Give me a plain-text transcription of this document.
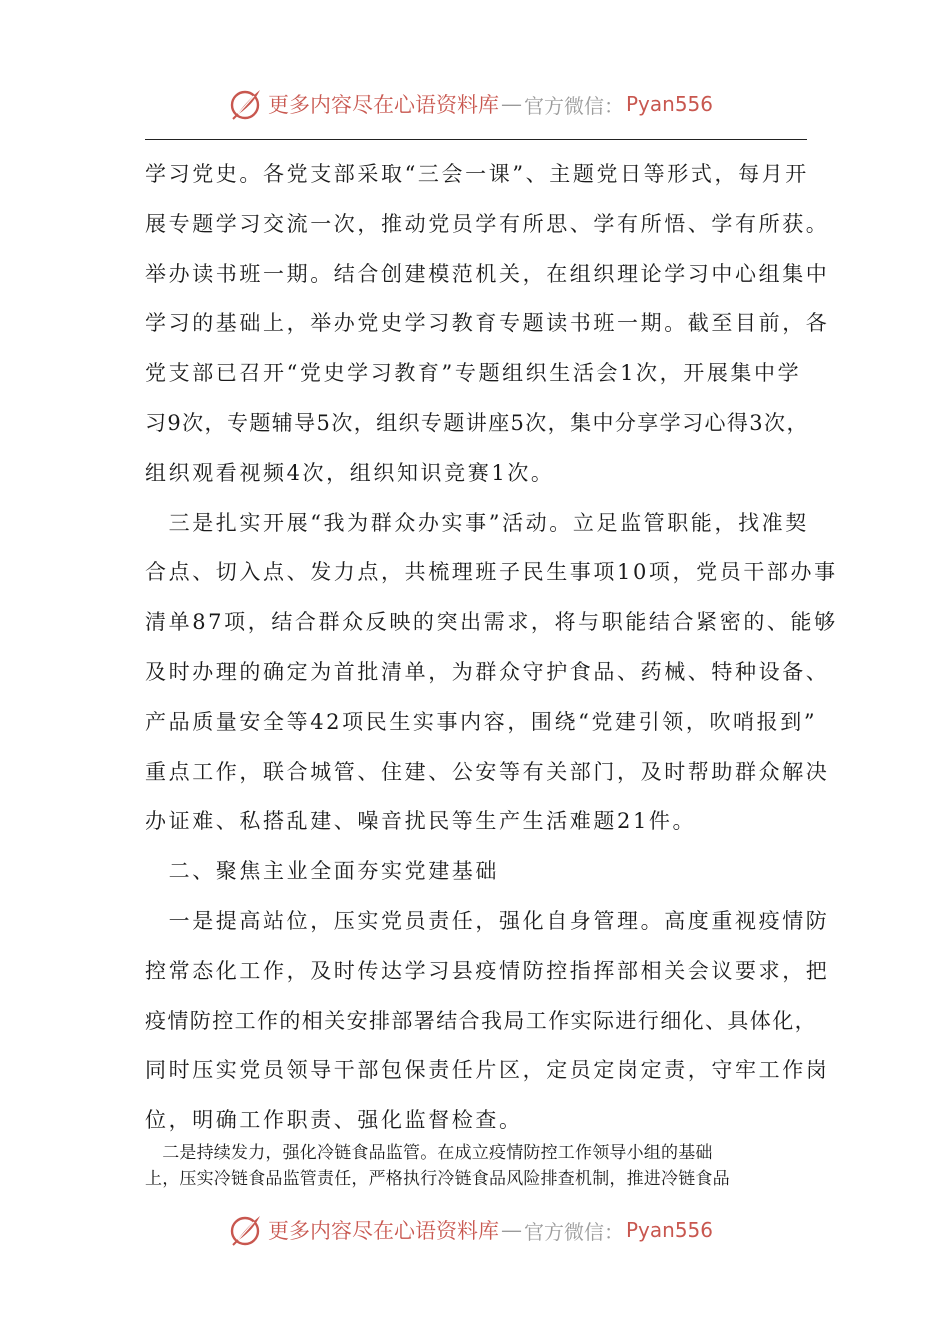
更多内容尽在心语资料库 — 官方微信： Pyan556
学习党史。各党支部采取“三会一课”、主题党日等形式，每月开
展专题学习交流一次，推动党员学有所思、学有所悟、学有所获。
举办读书班一期。结合创建模范机关，在组织理论学习中心组集中
学习的基础上，举办党史学习教育专题读书班一期。截至目前，各
党支部已召开“党史学习教育”专题组织生活会1次，开展集中学
习9次，专题辅导5次，组织专题讲座5次，集中分享学习心得3次，
组织观看视频4次，组织知识竞赛1次。
　三是扎实开展“我为群众办实事”活动。立足监管职能，找准契
合点、切入点、发力点，共梳理班子民生事项10项，党员干部办事
清单87项，结合群众反映的突出需求，将与职能结合紧密的、能够
及时办理的确定为首批清单，为群众守护食品、药械、特种设备、
产品质量安全等42项民生实事内容，围绕“党建引领，吹哨报到”
重点工作，联合城管、住建、公安等有关部门，及时帮助群众解决
办证难、私搭乱建、噪音扰民等生产生活难题21件。
　二、聚焦主业全面夯实党建基础
　一是提高站位，压实党员责任，强化自身管理。高度重视疫情防
控常态化工作，及时传达学习县疫情防控指挥部相关会议要求，把
疫情防控工作的相关安排部署结合我局工作实际进行细化、具体化，
同时压实党员领导干部包保责任片区，定员定岗定责，守牢工作岗
位，明确工作职责、强化监督检查。
　二是持续发力，强化冷链食品监管。在成立疫情防控工作领导小组的基础
上，压实冷链食品监管责任，严格执行冷链食品风险排查机制，推进冷链食品
更多内容尽在心语资料库 — 官方微信： Pyan556
